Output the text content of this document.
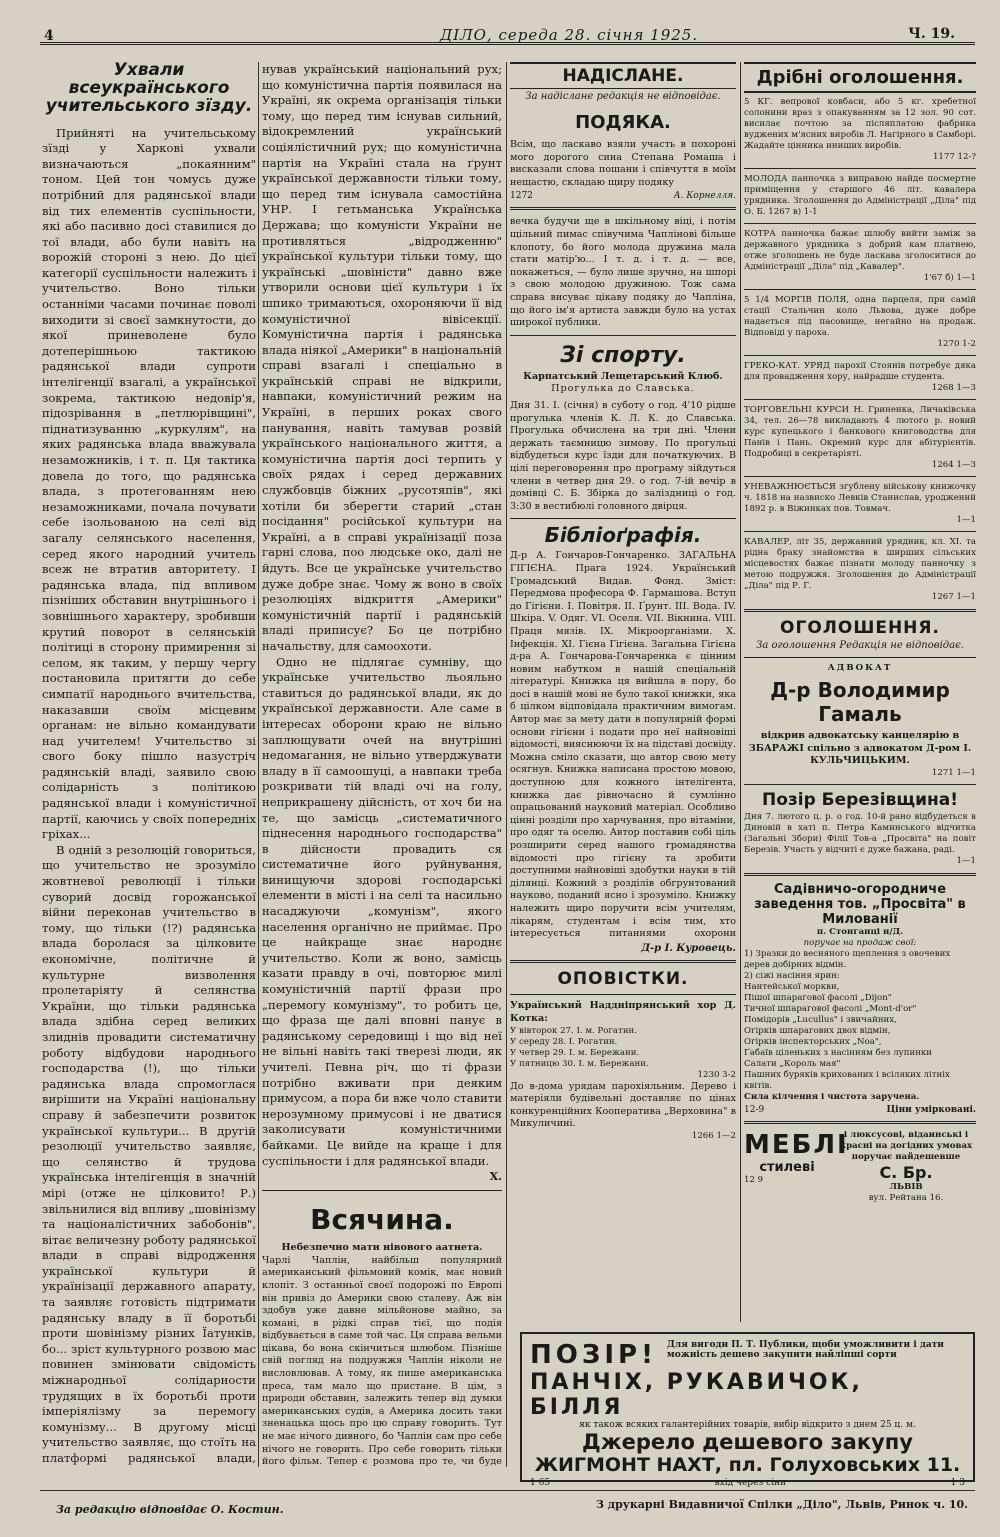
4	ДІЛО, середа 28. січня 1925.	Ч. 19.
Ухвали всеукраїнського учительського зїзду.

Прийняті на учительському зїзді у Харкові ухвали визначаються „покаянним" тоном. Цей тон чомусь дуже потрібний для радянської влади від тих елементів суспільности, які або пасивно досі ставилися до тої влади, або були навіть на ворожій стороні з нею. До цієї категорії суспільности належить і учительство. Воно тільки останніми часами починає поволі виходити зі своєї замкнутости, до якої приневолене було дотеперішньою тактикою радянської влади супроти інтелігенції взагалі, а української зокрема, тактикою недовір'я, підозрівання в „петлюрівщині", піднатизуванню „куркулям", на яких радянська влада вважувала незаможників, і т. п. Ця тактика довела до того, що радянська влада, з протегованням нею незаможниками, почала почувати себе ізольованою на селі від загалу селянського населення, серед якого народний учитель всеж не втратив авторитету. І радянська влада, під впливом пізніших обставин внутрішнього і зовнішнього характеру, зробивши крутий поворот в селянській політиці в сторону примирення зі селом, як таким, у першу чергу постановила притягти до себе симпатії народнього вчительства, наказавши своїм місцевим органам: не вільно командувати над учителем! Учительство зі свого боку пішло назустріч радянській владі, заявило свою солідарність з політикою радянської влади і комуністичної партії, каючись у своїх попередніх гріхах...

В одній з резолюцій говориться, що учительство не зрозуміло жовтневої революції і тільки суворий досвід горожанської війни переконав учительство в тому, що тільки (!?) радянська влада боролася за цілковите економічне, політичне й культурне визволення пролетаріяту й селянства України, що тільки радянська влада здібна серед великих злиднів провадити систематичну роботу відбудови народнього господарства (!), що тільки радянська влада спромоглася вирішити на Україні національну справу й забезпечити розвиток української культури... В другій резолюції учительство заявляє, що селянство й трудова українська інтелігенція в значній мірі (отже не цілковито! Р.) звільнилися від впливу „шовінізму та націоналістичних забобонів", вітає величезну роботу радянської влади в справі відродження української культури й українізації державного апарату, та заявляє готовість підтримати радянську владу в її боротьбі проти шовінізму різних Їатунків, бо... зріст культурного розвою мас повинен змінювати свідомість міжнародньої солідарности трудящих в їх боротьбі проти імперіялізму за перемогу комунізму... В другому місці учительство заявляє, що стоїть на платформі радянської влади,

нував український національний рух; що комуністична партія появилася на Україні, як окрема організація тільки тому, що перед тим існував сильний, відокремлений український соціялістичний рух; що комуністична партія на Україні стала на ґрунт української державности тільки тому, що перед тим існувала самостійна УНР. І гетьманська Українська Держава; що комуністи України не противляться „відродженню" української культури тільки тому, що українські „шовіністи" давно вже утворили основи цієї культури і їх шпико тримаються, охороняючи її від комуністичної вівісекції. Комуністична партія і радянська влада ніякої „Америки" в національній справі взагалі і спеціально в українській справі не відкрили, навпаки, комуністичний режим на Україні, в перших роках свого панування, навіть тамував розвій українського національного життя, а комуністична партія досі терпить у своїх рядах і серед державних службовців біжних „русотяпів", які хотіли би зберегти старий „стан посідання" російської культури на Україні, а в справі українізації поза гарні слова, поо людське око, далі не йдуть. Все це українське учительство дуже добре знає. Чому ж воно в своїх резолюціях відкриття „Америки" комуністичній партії і радянській владі приписує? Бо це потрібно начальству, для самоохоти.

Одно не підлягає сумніву, що українське учительство льояльно ставиться до радянської влади, як до української державности. Але саме в інтересах оборони краю не вільно заплющувати очей на внутрішні недомагання, не вільно утверджувати владу в її самоошуці, а навпаки треба розкривати тій владі очі на голу, неприкрашену дійсність, от хоч би на те, що замісць „систематичного піднесення народнього господарства" в дійсности провадить ся систематичне його руйнування, винищуючи здорові господарські елементи в місті і на селі та насильно насаджуючи „комунізм", якого населення органічно не приймає. Про це найкраще знає народнє учительство. Коли ж воно, замісць казати правду в очі, повторює милі комуністичній партії фрази про „перемогу комунізму", то робить це, що фраза ще далі вповні панує в радянському середовищі і що від неї не вільні навіть такі тверезі люди, як учителі. Певна річ, що ті фрази потрібно вживати при деяким примусом, а пора би вже чоло ставити нерозумному примусові і не дватися заколисувати комуністичними байками. Це вийде на краще і для суспільности і для радянської влади.

Х.
Всячина.
Небезпечно мати нівового аатнета.
Чарлі Чаплін, найбільш популярний американський фільмовий комік, має новий клопіт. З останньої своєї подорожі по Европі він привіз до Америки свою сталеву. Аж він здобув уже давне мільйонове майно, за комані, в рідкі справ тієї, що подія відбувається в саме той час. Ця справа вельми цікава, бо вона скінчиться шлюбом. Пізніше свій погляд на подружжя Чаплін ніколи не висловлював. А тому, як пише американська преса, там мало що пристане. В цім, з природи обставин, залежить тепер від думки американських судів, а Америка досить таки зненацька щось про цю справу говорить. Тут не має нічого дивного, бо Чаплін сам про себе нічого не говорить. Про себе говорить тільки його фільм. Тепер є розмова про те, чи буде
НАДІСЛАНЕ.
За надіслане редакція не відповідає.
ПОДЯКА.
Всім, що ласкаво взяли участь в похороні мого дорогого сина Степана Ромаша і висказали слова пошани і співчуття в моїм нещастю, складаю щиру подяку
1272	А. Корнелля.
вечка будучи ще в шкільному віці, і потім щільний пимас співучима Чаплінові більше клопоту, бо його молода дружина мала стати матір'ю... І т. д. і т. д. — все, покажеться, — було лише зручно, на шпорі з свою молодою дружиною. Тож сама справа висуває цікаву подяку до Чапліна, що його ім'я артиста завжди було на устах широкої публики.
Зі спорту.
Карпатський Лещетарський Клюб.
Прогулька до Славська.
Дня 31. І. (січня) в суботу о год. 4'10 рідше прогулька членів К. Л. К. до Славська. Прогулька обчислена на три дні. Члени держать таємницю зимову. По прогульці відбудеться курс їзди для початкуючих. В цілі переговорення про програму зійдуться члени в четвер дня 29. о год. 7-ій вечір в домівці С. Б. Збірка до заліздниці о год. 3:30 в вестибюлі головного двірця.
Бібліоґрафія.
Д-р А. Гончаров-Гончаренко. ЗАГАЛЬНА ГІГІЄНА. Прага 1924. Український Громадський Видав. Фонд. Зміст: Передмова професора Ф. Гармашова. Вступ до Гігієни. І. Повітря. II. Ґрунт. III. Вода. IV. Шкіра. V. Одяг. VI. Оселя. VII. Вікнина. VIII. Праця мязів. IX. Мікроорганізми. X. Інфекція. XI. Гієна Гігієна. Загальна Гігієна д-ра А. Гончарова-Гончаренка є цінним новим набутком в нашій спеціальній літературі. Книжка ця вийшла в пору, бо досі в нашій мові не було такої книжки, яка б цілком відповідала практичним вимогам. Автор має за мету дати в популярній формі основи гігієни і подати про неї найновіші відомості, вияснюючи їх на підставі досвіду. Можна сміло сказати, що автор свою мету осягнув. Книжка написана простою мовою, доступною для кожного інтелігента, книжка дає рівночасно й сумлінно опрацьований науковий матеріал. Особливо цінні розділи про харчування, про вітаміни, про одяг та оселю. Автор поставив собі ціль розширити серед нашого громадянства відомості про гігієну та зробити доступними найновіші здобутки науки в тій ділянці. Кожний з розділів обгрунтований науково, поданий ясно і зрозуміло. Книжку належить щиро поручити всім учителям, лікарям, студентам і всім тим, хто інтересується питаннями охорони
Д-р І. Куровець.
ОПОВІСТКИ.
Український Наддніпрянський хор Д. Котка:
У вівторок 27. І. м. Рогатин.
У середу 28. І. Рогатин.
У четвер 29. І. м. Бережани.
У пятницю 30. І. м. Бережани.
1230 3-2
До в-дома урядам парохіяльним. Дерево і матеріяли будівельні доставляє по цінах конкуренційних Кооператива „Верховина" в Микуличині.
1266 1—2
Дрібні оголошення.
5 КГ. вепрової ковбаси, або 5 кг. хребетної солонини враз з опакуванням за 12 зол. 90 сот. висилає почтою за післяплатою фабрика вуджених м'ясних виробів Л. Нагірного в Самборі. Жадайте цінника иниших виробів.
1177 12-?
МОЛОДА панночка з виправою найде посмертне приміщення у старшого 46 літ. кавалера урядника. Зголошення до Адміністрації „Діла" під О. Б. 1267 в) 1-1
КОТРА панночка бажає шлюбу вийти заміж за державного урядника з добрий кам платнею, отже зголошень не буде ласкава зголоситися до Адміністрації „Діла" під „Кавалер".
1'67 б) 1—1
5 1/4 МОРГІВ ПОЛЯ, одна парцеля, при самій стації Стальчин коло Львова, дуже добре надається під пасовище, негайно на продаж. Відповіді у пароха.
1270 1-2
ГРЕКО-КАТ. УРЯД парохії Стоянів потребує дяка для провадження хору, найрадше студента.
1268 1—3
ТОРГОВЕЛЬНІ КУРСИ Н. Гриненка, Личаківська 34, тел. 26—78 викладають 4 лютого р. новий курс купецького і банкового книговодства для Панів і Пань. Окремий курс для абітурієнтів. Подробиці в секретаріяті.
1264 1—3
УНЕВАЖНЮЄТЬСЯ згублену військову книжочку ч. 1818 на назвиско Левків Станислав, уроджений 1892 р. в Віжинках пов. Товмач.
1—1
КАВАЛЕР, літ 35, державний урядник, кл. XI. та рідна браку знайомства в ширших сільських місцевостях бажає пізнати молоду панночку з метою подружжя. Зголошення до Адміністрації „Діла" під Р. Г.
1267 1—1
ОГОЛОШЕННЯ.
За оголошення Редакція не відповідає.
АДВОКАТ
Д-р Володимир Гамаль
відкрив адвокатську канцелярію в ЗБАРАЖІ спільно з адвокатом Д-ром І. КУЛЬЧИЦЬКИМ.
1271 1—1
Позір Березівщина!
Дня 7. лютого ц. р. о год. 10-й рано відбудеться в Диновій в хаті п. Петра Каминського відчитка (Загальні Збори) Філії Тов-а „Просвіта" на повіт Березів. Участь у відчиті є дуже бажана, раді.
1—1
Садівничо-огородниче заведення тов. „Просвіта" в Милованії
п. Стонганці н/Д.
поручає на продаж свої:
1) Зразки до весняного щеплення з овочевих дерев добірних відмін.
2) сіжі насіння ярин:
Нантейської моркви,
Пішої шпарагової фасолі „Dijon"
Тичної шпарагової фасолі „Mont-d'or"
Помідорів „Lucullus" і звичайних,
Огірків шпарагових двох відмін,
Огірків інспекторських „Noa",
Ґабаїв ціленьких з насінням без лупинки
Салати „Король мая"
Пашних буряків крихованих і всіляких літніх квітів.
Сила кілчення і чистота заручена.
12-9	Ціни умірковані.
МЕБЛІ
стилеві
12 9
і люксусові, відаинські і красні на догідних умовах поручає найдешевше
С. Бр.
ЛЬВІВ
вул. Рейтана 16.
ПОЗІР! Для вигоди П. Т. Публики, щоби уможливити і дати можність дешево закупити найліпші сорти
ПАНЧІХ, РУКАВИЧОК, БІЛЛЯ
як також всяких галантерійних товарів, вибір відкрито з днем 25 ц. м.
Джерело дешевого закупу
ЖИГМОНТ НАХТ, пл. Голуховських 11.
1 65	вхід через сіни	1 3
За редакцію відповідає О. Костин.	З друкарні Видавничої Спілки „Діло", Львів, Ринок ч. 10.
